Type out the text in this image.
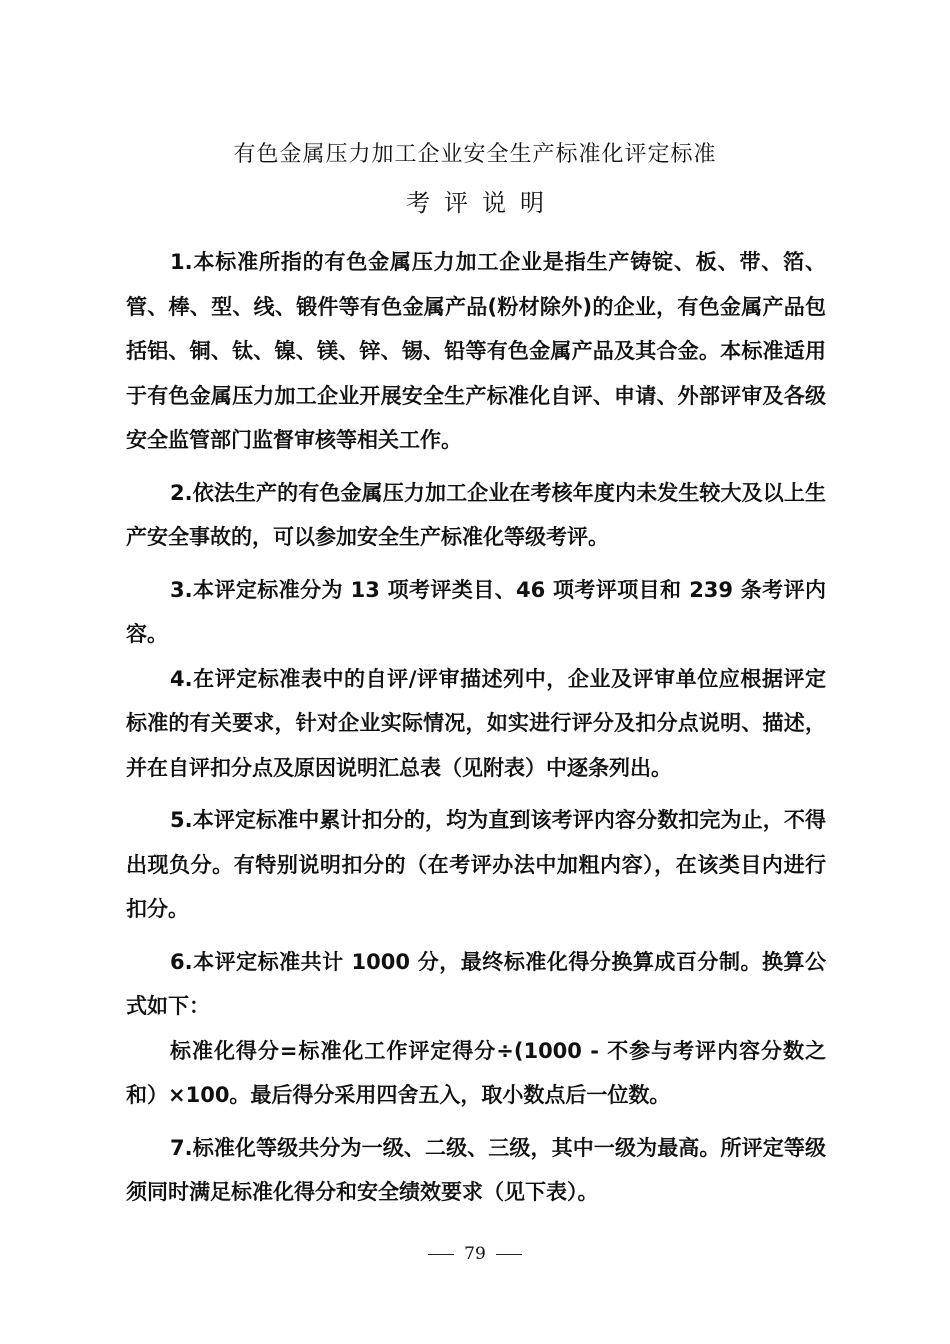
有色金属压力加工企业安全生产标准化评定标准
考评说明

1.本标准所指的有色金属压力加工企业是指生产铸锭、板、带、箔、管、棒、型、线、锻件等有色金属产品(粉材除外)的企业，有色金属产品包括铝、铜、钛、镍、镁、锌、锡、铅等有色金属产品及其合金。本标准适用于有色金属压力加工企业开展安全生产标准化自评、申请、外部评审及各级安全监管部门监督审核等相关工作。

2.依法生产的有色金属压力加工企业在考核年度内未发生较大及以上生产安全事故的，可以参加安全生产标准化等级考评。

3.本评定标准分为 13 项考评类目、46 项考评项目和 239 条考评内容。

4.在评定标准表中的自评/评审描述列中，企业及评审单位应根据评定标准的有关要求，针对企业实际情况，如实进行评分及扣分点说明、描述，并在自评扣分点及原因说明汇总表（见附表）中逐条列出。

5.本评定标准中累计扣分的，均为直到该考评内容分数扣完为止，不得出现负分。有特别说明扣分的（在考评办法中加粗内容），在该类目内进行扣分。

6.本评定标准共计 1000 分，最终标准化得分换算成百分制。换算公式如下：

标准化得分=标准化工作评定得分÷(1000 - 不参与考评内容分数之和）×100。最后得分采用四舍五入，取小数点后一位数。

7.标准化等级共分为一级、二级、三级，其中一级为最高。所评定等级须同时满足标准化得分和安全绩效要求（见下表）。

79
